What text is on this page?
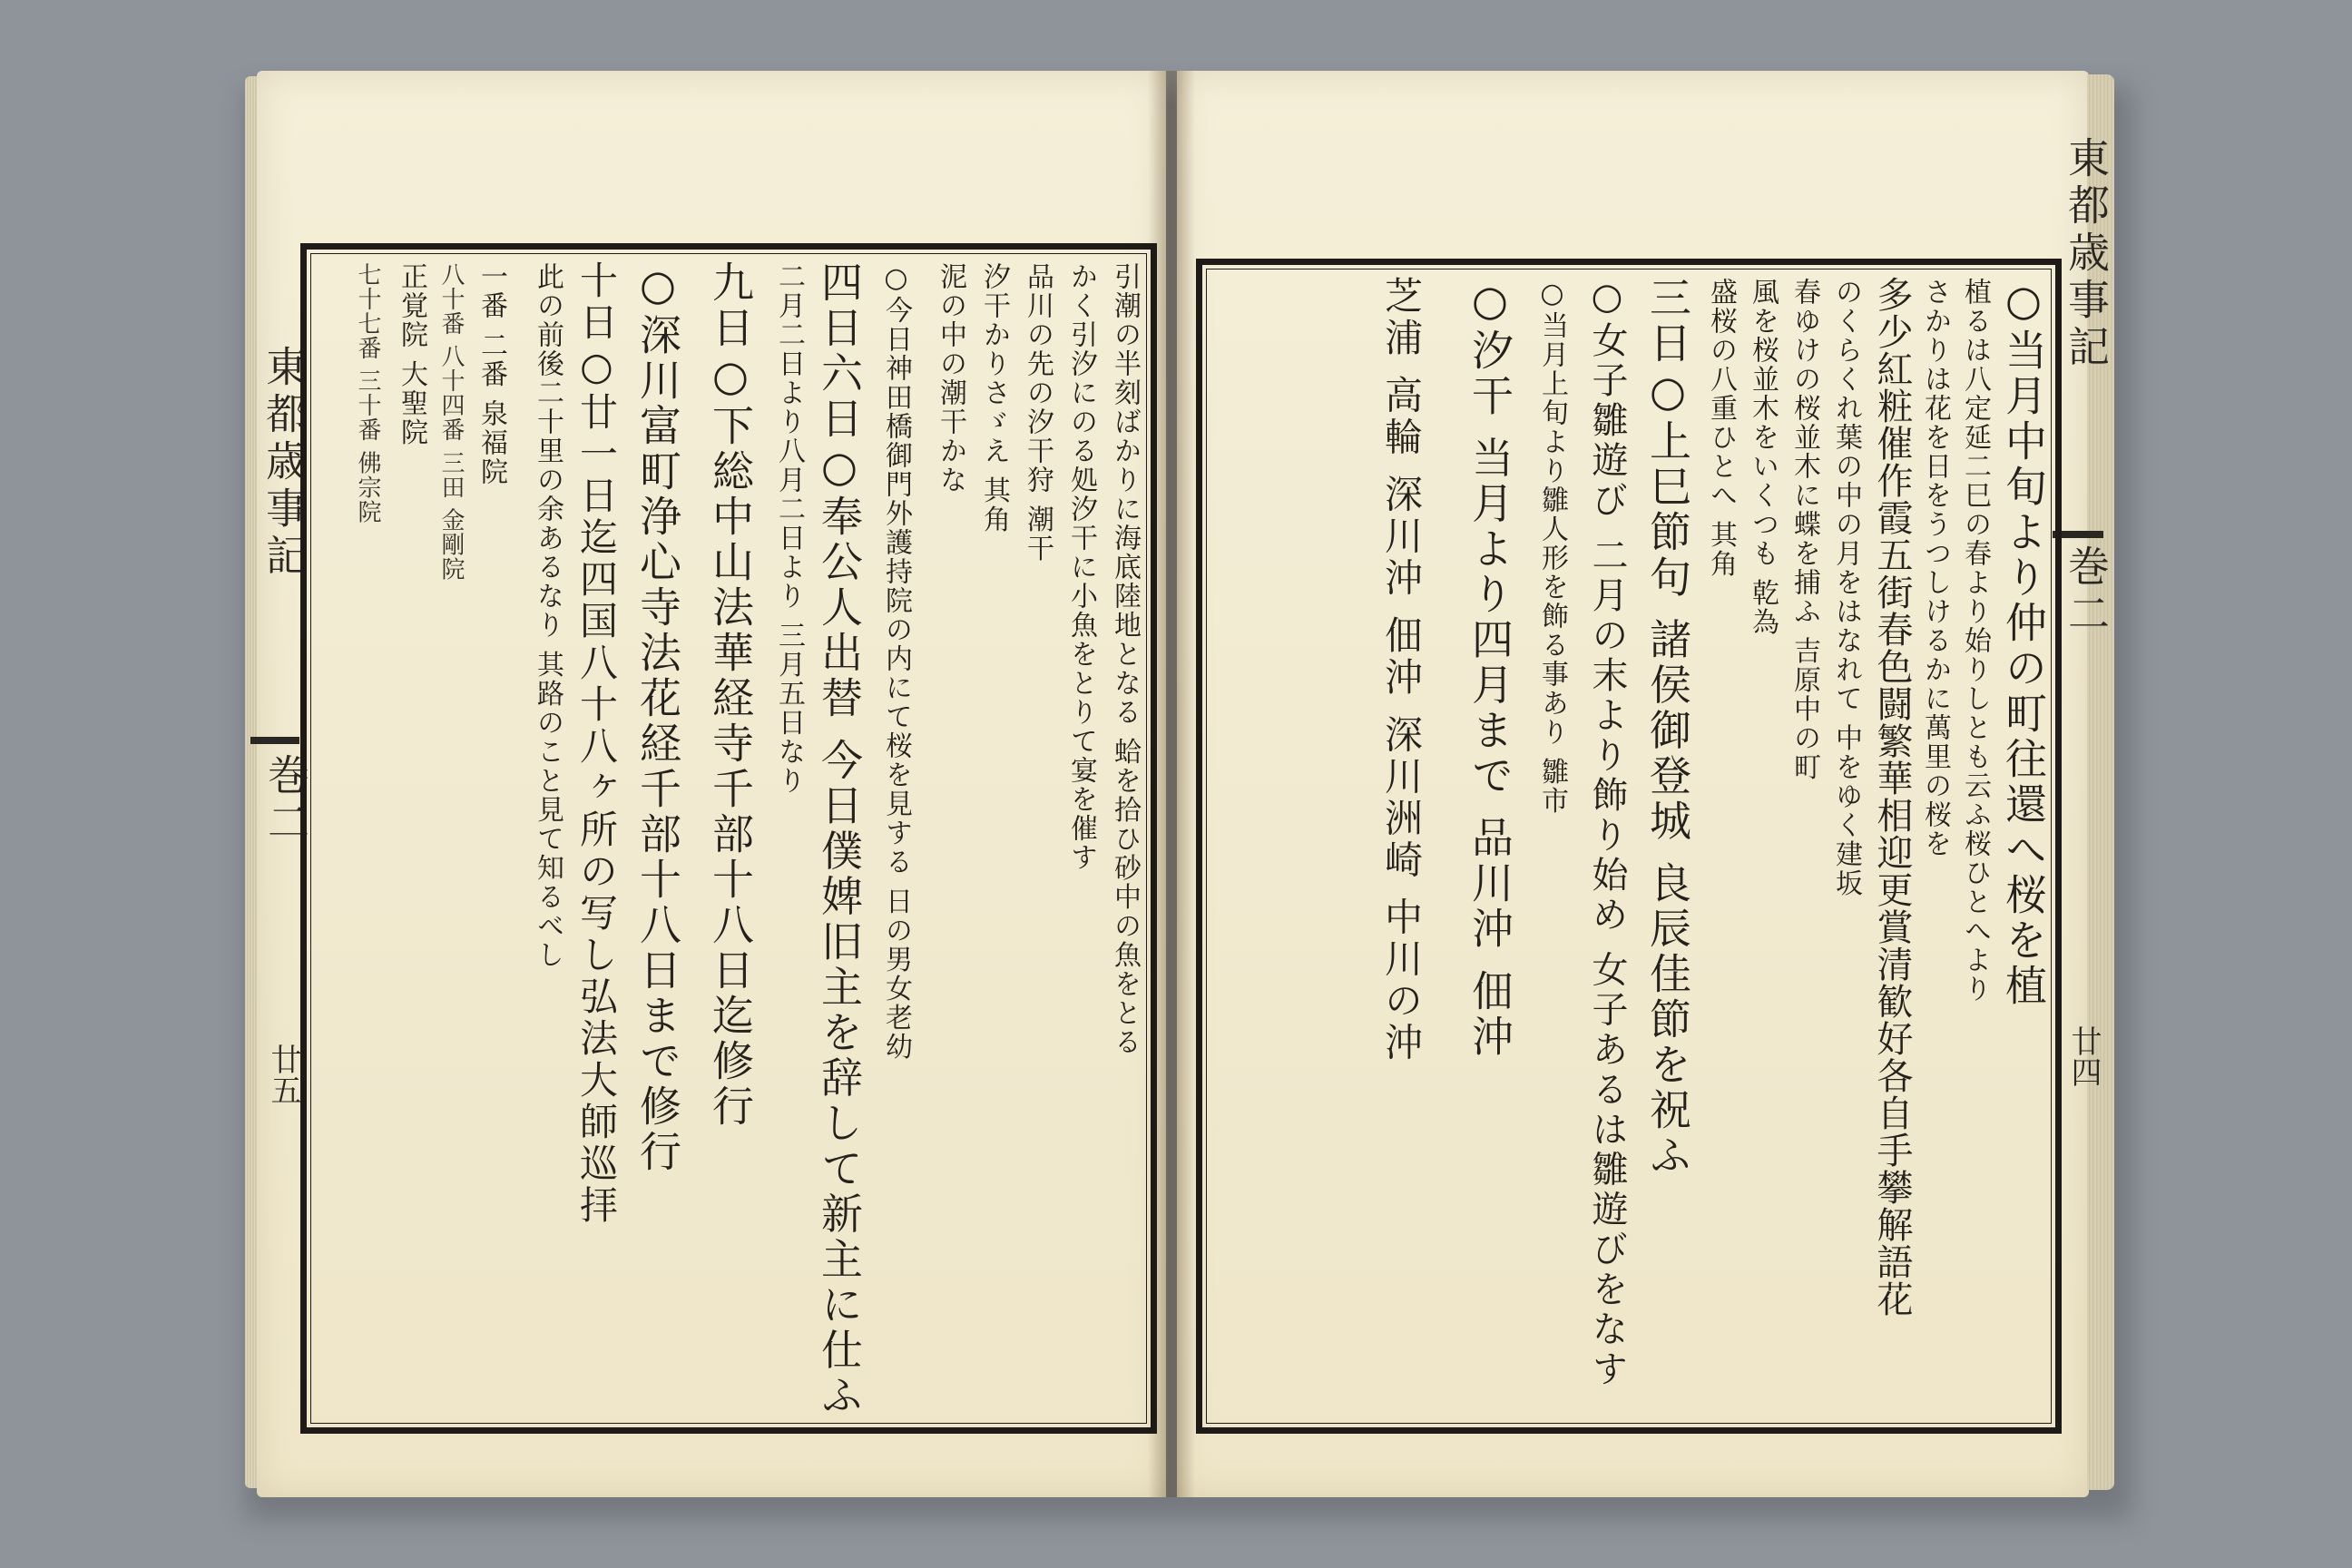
東都歳事記
巻二
廿四
東都歳事記
巻二
廿五
○当月中旬より仲の町往還へ桜を植
植るは八定延二巳の春より始りしとも云ふ桜ひとへより
さかりは花を日をうつしけるかに萬里の桜を
多少紅粧催作霞五街春色闘繁華相迎更賞清歓好各自手攀解語花
のくらくれ葉の中の月をはなれて 中をゆく建坂
春ゆけの桜並木に蝶を捕ふ 吉原中の町
風を桜並木をいくつも 乾為
盛桜の八重ひとへ 其角
三日○上巳節句 諸侯御登城 良辰佳節を祝ふ
○女子雛遊び 二月の末より飾り始め 女子あるは雛遊びをなす
○当月上旬より雛人形を飾る事あり 雛市
○汐干 当月より四月まで 品川沖 佃沖
芝浦 高輪 深川沖 佃沖 深川洲崎 中川の沖
引潮の半刻ばかりに海底陸地となる 蛤を拾ひ砂中の魚をとる
かく引汐にのる処汐干に小魚をとりて宴を催す
品川の先の汐干狩 潮干
汐干かりさゞえ 其角
泥の中の潮干かな
○今日神田橋御門外護持院の内にて桜を見する 日の男女老幼
四日六日○奉公人出替 今日僕婢旧主を辞して新主に仕ふ
二月二日より八月二日より 三月五日なり
九日○下総中山法華経寺千部十八日迄修行
○深川富町浄心寺法花経千部十八日まで修行
十日○廿一日迄四国八十八ヶ所の写し弘法大師巡拝
此の前後二十里の余あるなり 其路のこと見て知るべし
一番 二番 泉福院
八十番 八十四番 三田 金剛院
正覚院 大聖院
七十七番 三十番 佛宗院
